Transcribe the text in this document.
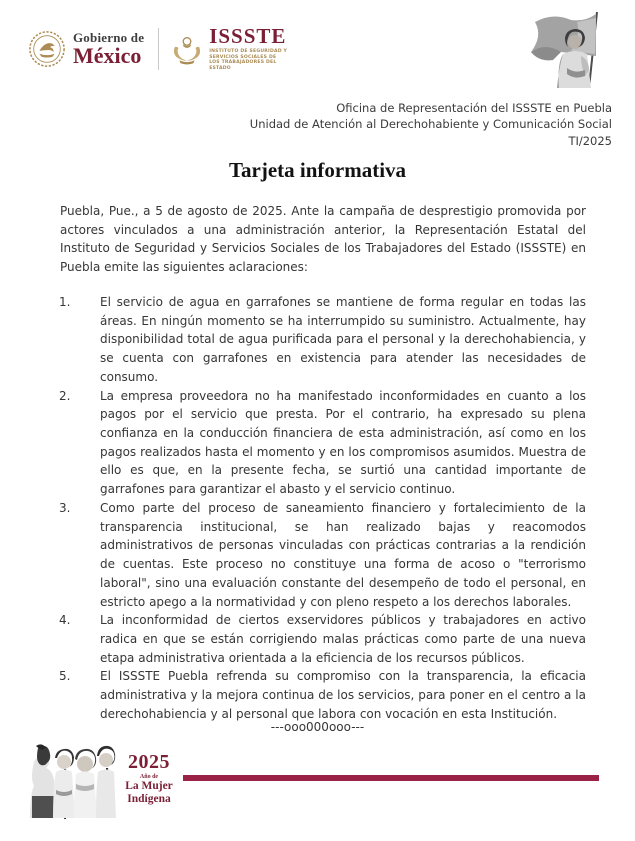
Gobierno de
México
ISSSTE
INSTITUTO DE SEGURIDAD Y SERVICIOS SOCIALES DE LOS TRABAJADORES DEL ESTADO
Oficina de Representación del ISSSTE en Puebla
Unidad de Atención al Derechohabiente y Comunicación Social
TI/2025
Tarjeta informativa

Puebla, Pue., a 5 de agosto de 2025. Ante la campaña de desprestigio promovida por actores vinculados a una administración anterior, la Representación Estatal del Instituto de Seguridad y Servicios Sociales de los Trabajadores del Estado (ISSSTE) en Puebla emite las siguientes aclaraciones:

1.	El servicio de agua en garrafones se mantiene de forma regular en todas las áreas. En ningún momento se ha interrumpido su suministro. Actualmente, hay disponibilidad total de agua purificada para el personal y la derechohabiencia, y se cuenta con garrafones en existencia para atender las necesidades de consumo.

2.	La empresa proveedora no ha manifestado inconformidades en cuanto a los pagos por el servicio que presta. Por el contrario, ha expresado su plena confianza en la conducción financiera de esta administración, así como en los pagos realizados hasta el momento y en los compromisos asumidos. Muestra de ello es que, en la presente fecha, se surtió una cantidad importante de garrafones para garantizar el abasto y el servicio continuo.

3.	Como parte del proceso de saneamiento financiero y fortalecimiento de la transparencia institucional, se han realizado bajas y reacomodos administrativos de personas vinculadas con prácticas contrarias a la rendición de cuentas. Este proceso no constituye una forma de acoso o "terrorismo laboral", sino una evaluación constante del desempeño de todo el personal, en estricto apego a la normatividad y con pleno respeto a los derechos laborales.

4.	La inconformidad de ciertos exservidores públicos y trabajadores en activo radica en que se están corrigiendo malas prácticas como parte de una nueva etapa administrativa orientada a la eficiencia de los recursos públicos.

5.	El ISSSTE Puebla refrenda su compromiso con la transparencia, la eficacia administrativa y la mejora continua de los servicios, para poner en el centro a la derechohabiencia y al personal que labora con vocación en esta Institución.

---ooo000ooo---
2025
Año de
La Mujer
Indígena
